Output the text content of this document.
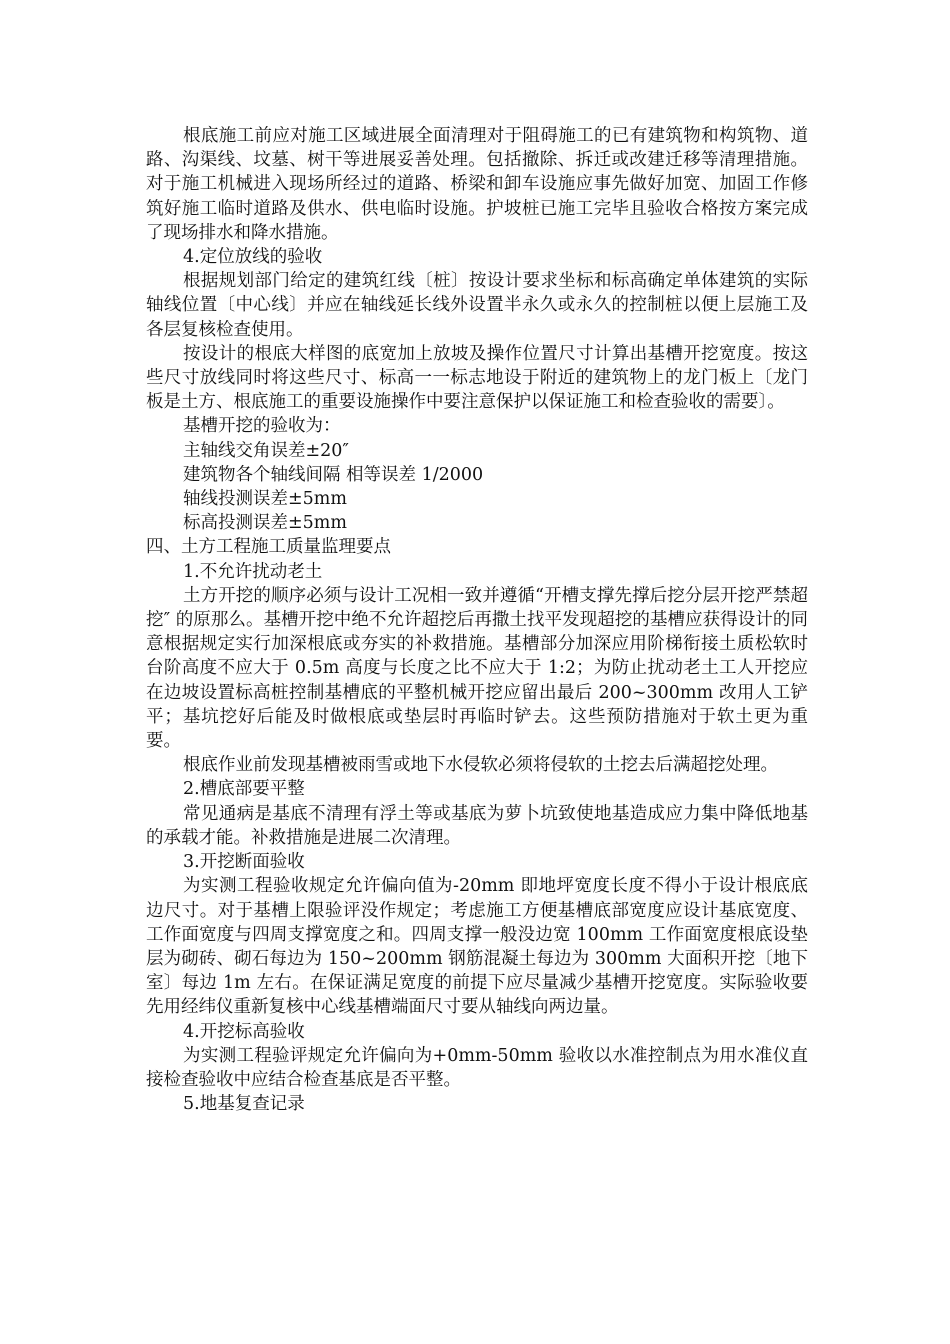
根底施工前应对施工区域进展全面清理对于阻碍施工的已有建筑物和构筑物、道路、沟渠线、坟墓、树干等进展妥善处理。包括撤除、拆迁或改建迁移等清理措施。对于施工机械进入现场所经过的道路、桥梁和卸车设施应事先做好加宽、加固工作修筑好施工临时道路及供水、供电临时设施。护坡桩已施工完毕且验收合格按方案完成了现场排水和降水措施。

4.定位放线的验收

根据规划部门给定的建筑红线〔桩〕按设计要求坐标和标高确定单体建筑的实际轴线位置〔中心线〕并应在轴线延长线外设置半永久或永久的控制桩以便上层施工及各层复核检查使用。

按设计的根底大样图的底宽加上放坡及操作位置尺寸计算出基槽开挖宽度。按这些尺寸放线同时将这些尺寸、标高一一标志地设于附近的建筑物上的龙门板上〔龙门板是土方、根底施工的重要设施操作中要注意保护以保证施工和检查验收的需要〕。

基槽开挖的验收为：

主轴线交角误差±20″

建筑物各个轴线间隔 相等误差 1/2000

轴线投测误差±5mm

标高投测误差±5mm

四、土方工程施工质量监理要点

1.不允许扰动老土

土方开挖的顺序必须与设计工况相一致并遵循“开槽支撑先撑后挖分层开挖严禁超挖″ 的原那么。基槽开挖中绝不允许超挖后再撒土找平发现超挖的基槽应获得设计的同意根据规定实行加深根底或夯实的补救措施。基槽部分加深应用阶梯衔接土质松软时台阶高度不应大于 0.5m 高度与长度之比不应大于 1:2；为防止扰动老土工人开挖应在边坡设置标高桩控制基槽底的平整机械开挖应留出最后 200~300mm 改用人工铲平；基坑挖好后能及时做根底或垫层时再临时铲去。这些预防措施对于软土更为重要。

根底作业前发现基槽被雨雪或地下水侵软必须将侵软的土挖去后满超挖处理。

2.槽底部要平整

常见通病是基底不清理有浮土等或基底为萝卜坑致使地基造成应力集中降低地基的承载才能。补救措施是进展二次清理。

3.开挖断面验收

为实测工程验收规定允许偏向值为-20mm 即地坪宽度长度不得小于设计根底底边尺寸。对于基槽上限验评没作规定；考虑施工方便基槽底部宽度应设计基底宽度、工作面宽度与四周支撑宽度之和。四周支撑一般没边宽 100mm 工作面宽度根底设垫层为砌砖、砌石每边为 150~200mm 钢筋混凝土每边为 300mm 大面积开挖〔地下室〕每边 1m 左右。在保证满足宽度的前提下应尽量减少基槽开挖宽度。实际验收要先用经纬仪重新复核中心线基槽端面尺寸要从轴线向两边量。

4.开挖标高验收

为实测工程验评规定允许偏向为+0mm-50mm 验收以水准控制点为用水准仪直接检查验收中应结合检查基底是否平整。

5.地基复查记录
